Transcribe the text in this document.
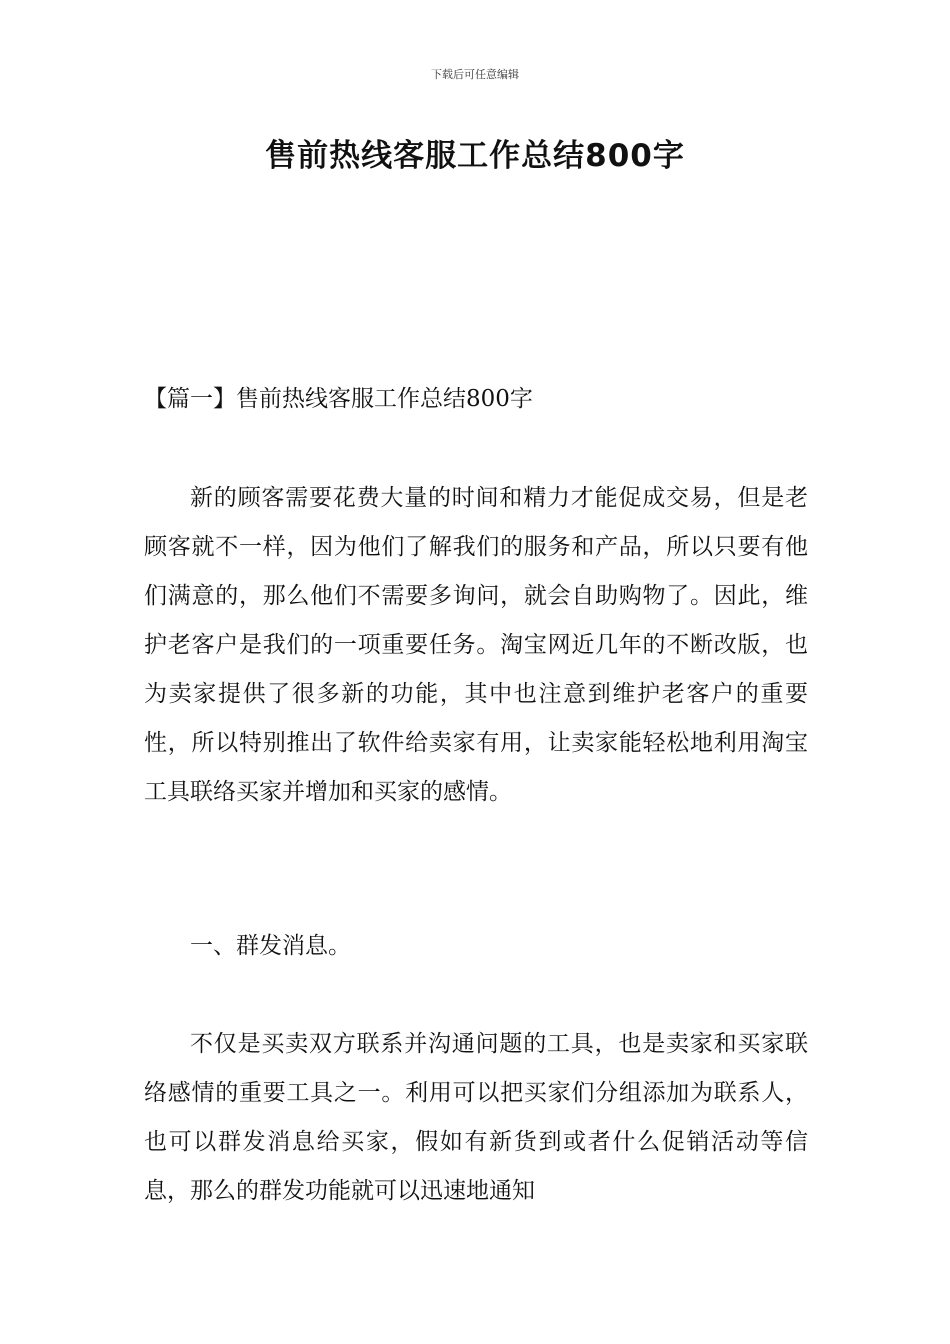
下载后可任意编辑
售前热线客服工作总结800字
【篇一】售前热线客服工作总结800字

新的顾客需要花费大量的时间和精力才能促成交易，但是老顾客就不一样，因为他们了解我们的服务和产品，所以只要有他们满意的，那么他们不需要多询问，就会自助购物了。因此，维护老客户是我们的一项重要任务。淘宝网近几年的不断改版，也为卖家提供了很多新的功能，其中也注意到维护老客户的重要性，所以特别推出了软件给卖家有用，让卖家能轻松地利用淘宝工具联络买家并增加和买家的感情。

一、群发消息。

不仅是买卖双方联系并沟通问题的工具，也是卖家和买家联络感情的重要工具之一。利用可以把买家们分组添加为联系人，也可以群发消息给买家，假如有新货到或者什么促销活动等信息，那么的群发功能就可以迅速地通知
